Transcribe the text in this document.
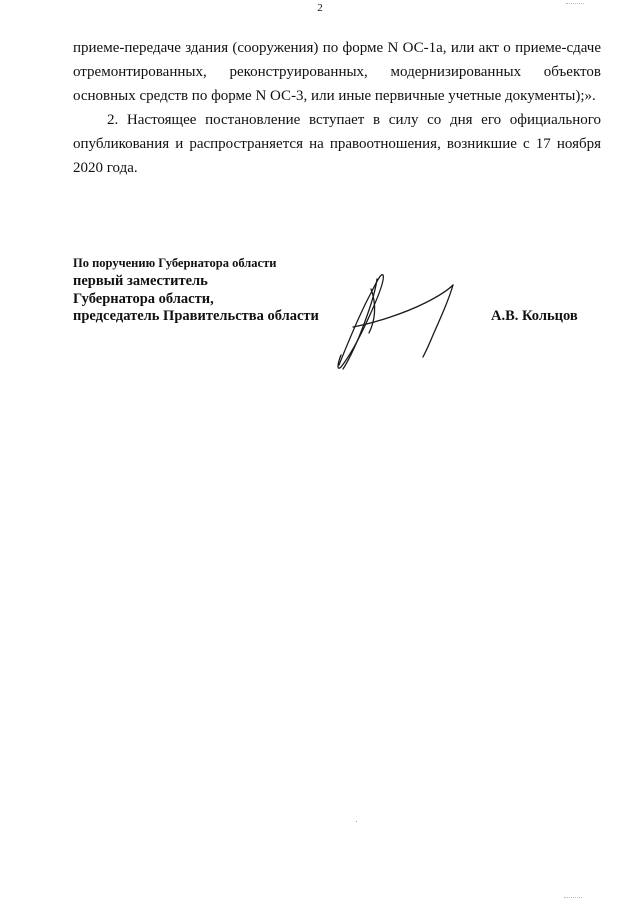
2

приеме-передаче здания (сооружения) по форме N ОС-1а, или акт о приеме-сдаче отремонтированных, реконструированных, модернизированных объектов основных средств по форме N ОС-3, или иные первичные учетные документы);».

2. Настоящее постановление вступает в силу со дня его официального опубликования и распространяется на правоотношения, возникшие с 17 ноября 2020 года.

По поручению Губернатора области
первый заместитель
Губернатора области,
председатель Правительства области	А.В. Кольцов
